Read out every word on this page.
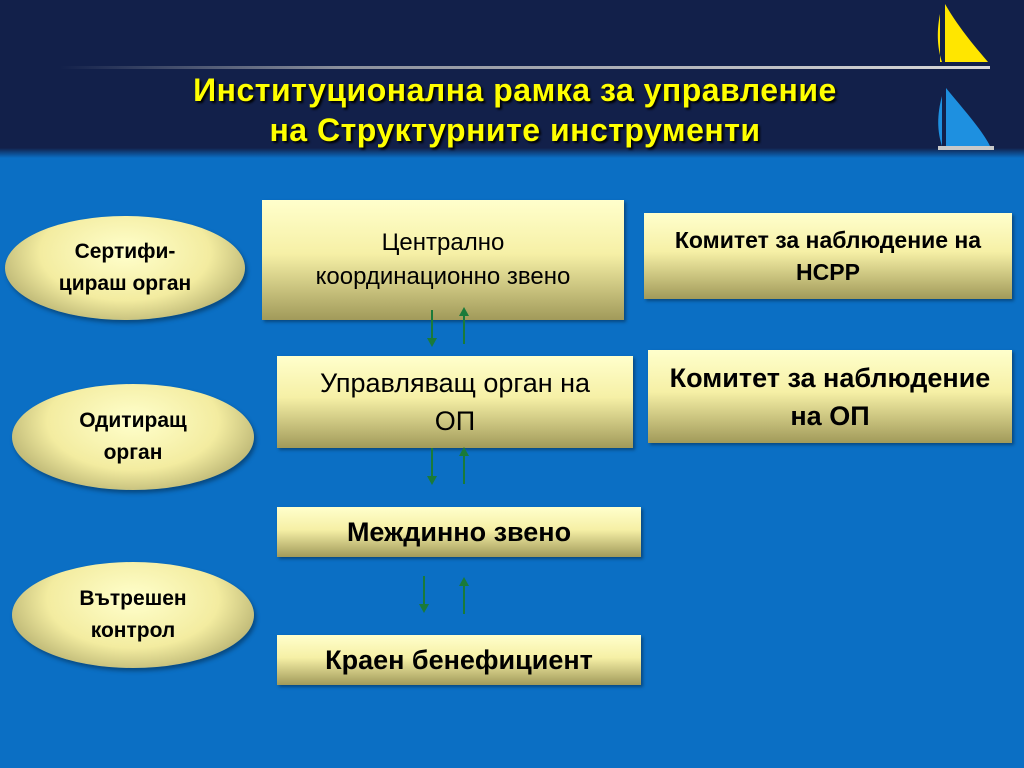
Институционална рамка за управление
на Структурните инструменти
Сертифи-
цираш орган
Одитиращ
орган
Вътрешен
контрол
Централно
координационно звено
Управляващ орган на
ОП
Междинно звено
Краен бенефициент
Комитет за наблюдение на
НСРР
Комитет за наблюдение
на ОП
